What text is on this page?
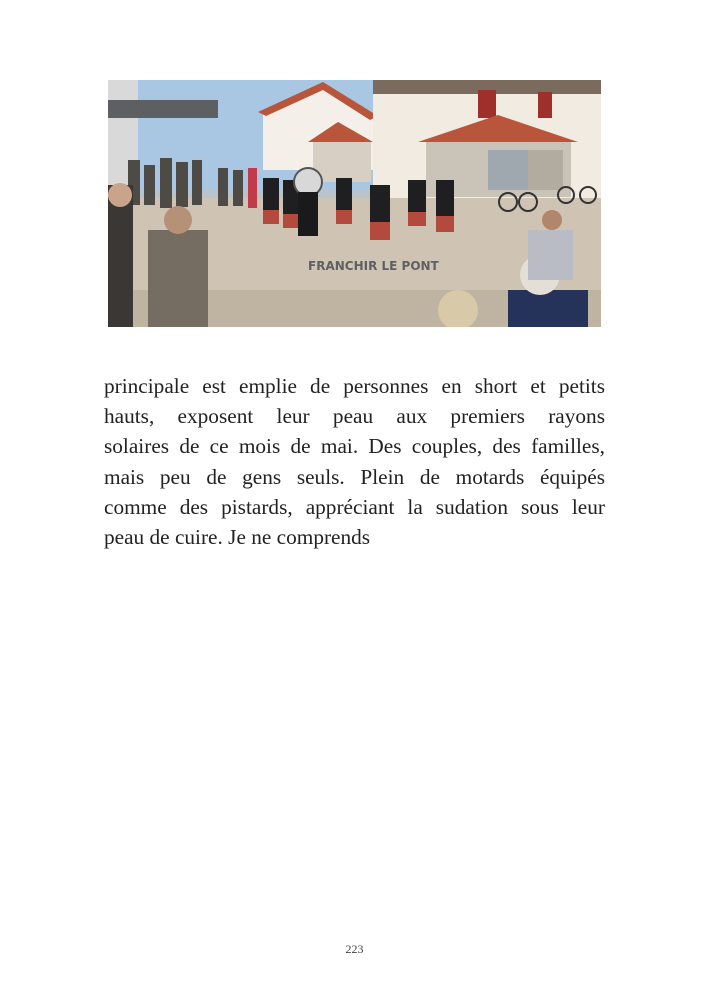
FRANCHIR LE PONT

principale est emplie de personnes en short et petits
hauts, exposent leur peau aux premiers rayons
solaires de ce mois de mai. Des couples, des familles,
mais peu de gens seuls. Plein de motards équipés
comme des pistards, appréciant la sudation sous leur
peau de cuire. Je ne comprends

223
